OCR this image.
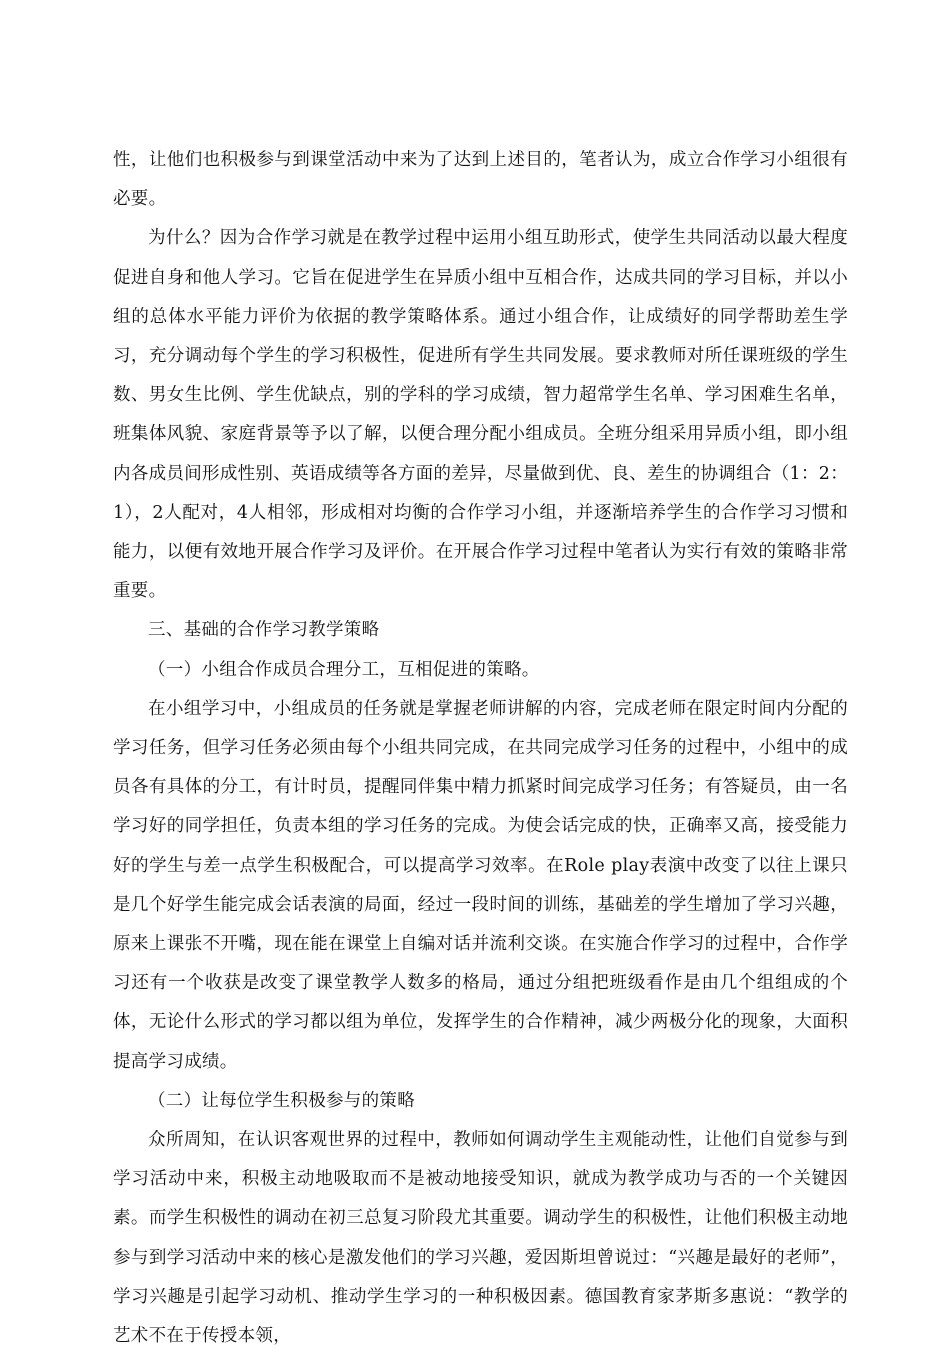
性，让他们也积极参与到课堂活动中来为了达到上述目的，笔者认为，成立合作学习小组很有必要。

为什么？因为合作学习就是在教学过程中运用小组互助形式，使学生共同活动以最大程度促进自身和他人学习。它旨在促进学生在异质小组中互相合作，达成共同的学习目标，并以小组的总体水平能力评价为依据的教学策略体系。通过小组合作，让成绩好的同学帮助差生学习，充分调动每个学生的学习积极性，促进所有学生共同发展。要求教师对所任课班级的学生数、男女生比例、学生优缺点，别的学科的学习成绩，智力超常学生名单、学习困难生名单，班集体风貌、家庭背景等予以了解，以便合理分配小组成员。全班分组采用异质小组，即小组内各成员间形成性别、英语成绩等各方面的差异，尽量做到优、良、差生的协调组合（1：2：1），2人配对，4人相邻，形成相对均衡的合作学习小组，并逐渐培养学生的合作学习习惯和能力，以便有效地开展合作学习及评价。在开展合作学习过程中笔者认为实行有效的策略非常重要。

三、基础的合作学习教学策略

（一）小组合作成员合理分工，互相促进的策略。

在小组学习中，小组成员的任务就是掌握老师讲解的内容，完成老师在限定时间内分配的学习任务，但学习任务必须由每个小组共同完成，在共同完成学习任务的过程中，小组中的成员各有具体的分工，有计时员，提醒同伴集中精力抓紧时间完成学习任务；有答疑员，由一名学习好的同学担任，负责本组的学习任务的完成。为使会话完成的快，正确率又高，接受能力好的学生与差一点学生积极配合，可以提高学习效率。在Role play表演中改变了以往上课只是几个好学生能完成会话表演的局面，经过一段时间的训练，基础差的学生增加了学习兴趣，原来上课张不开嘴，现在能在课堂上自编对话并流利交谈。在实施合作学习的过程中，合作学习还有一个收获是改变了课堂教学人数多的格局，通过分组把班级看作是由几个组组成的个体，无论什么形式的学习都以组为单位，发挥学生的合作精神，减少两极分化的现象，大面积提高学习成绩。

（二）让每位学生积极参与的策略

众所周知，在认识客观世界的过程中，教师如何调动学生主观能动性，让他们自觉参与到学习活动中来，积极主动地吸取而不是被动地接受知识，就成为教学成功与否的一个关键因素。而学生积极性的调动在初三总复习阶段尤其重要。调动学生的积极性，让他们积极主动地参与到学习活动中来的核心是激发他们的学习兴趣，爱因斯坦曾说过：“兴趣是最好的老师”，学习兴趣是引起学习动机、推动学生学习的一种积极因素。德国教育家茅斯多惠说：“教学的艺术不在于传授本领，
